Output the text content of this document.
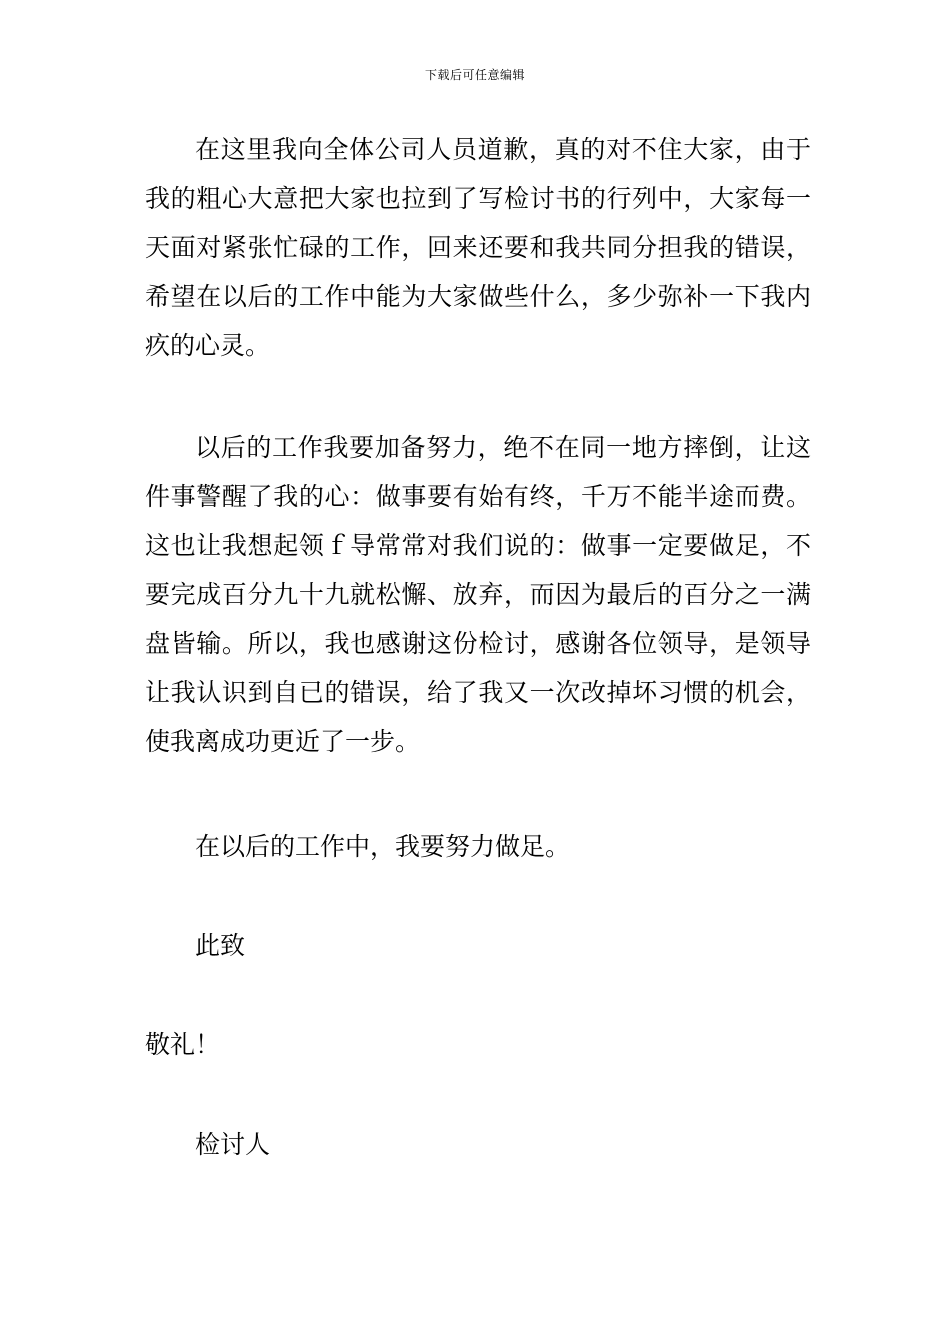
下载后可任意编辑

在这里我向全体公司人员道歉，真的对不住大家，由于我的粗心大意把大家也拉到了写检讨书的行列中，大家每一天面对紧张忙碌的工作，回来还要和我共同分担我的错误，希望在以后的工作中能为大家做些什么，多少弥补一下我内疚的心灵。

以后的工作我要加备努力，绝不在同一地方摔倒，让这件事警醒了我的心：做事要有始有终，千万不能半途而费。这也让我想起领ｆ导常常对我们说的：做事一定要做足，不要完成百分九十九就松懈、放弃，而因为最后的百分之一满盘皆输。所以，我也感谢这份检讨，感谢各位领导，是领导让我认识到自已的错误，给了我又一次改掉坏习惯的机会，使我离成功更近了一步。

在以后的工作中，我要努力做足。

此致

敬礼！

检讨人
